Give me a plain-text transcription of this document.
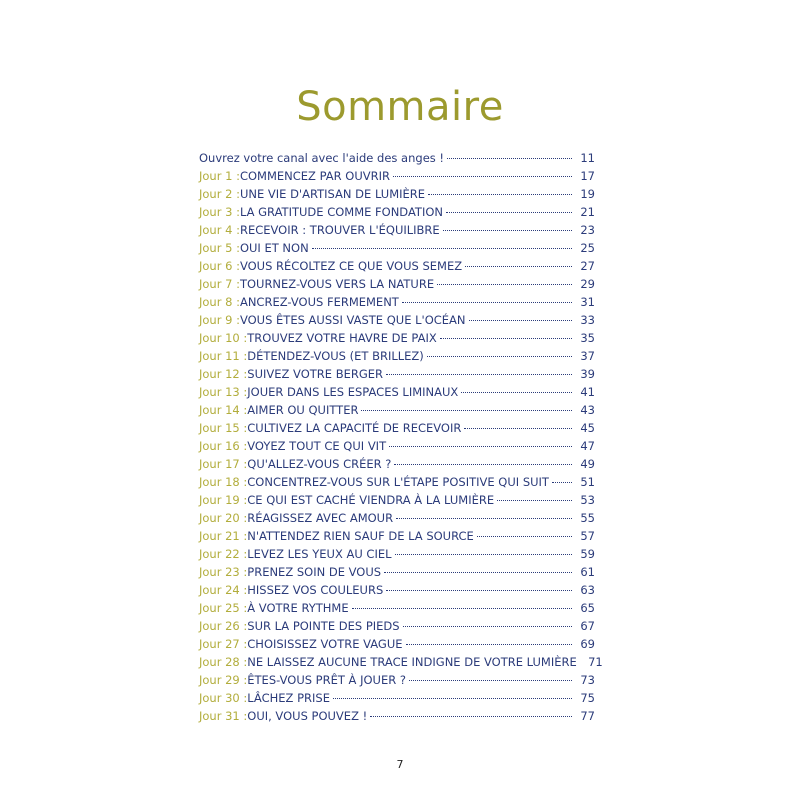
Sommaire
Ouvrez votre canal avec l'aide des anges !	11
Jour 1 : COMMENCEZ PAR OUVRIR	17
Jour 2 : UNE VIE D'ARTISAN DE LUMIÈRE	19
Jour 3 : LA GRATITUDE COMME FONDATION	21
Jour 4 : RECEVOIR : TROUVER L'ÉQUILIBRE	23
Jour 5 : OUI ET NON	25
Jour 6 : VOUS RÉCOLTEZ CE QUE VOUS SEMEZ	27
Jour 7 : TOURNEZ-VOUS VERS LA NATURE	29
Jour 8 : ANCREZ-VOUS FERMEMENT	31
Jour 9 : VOUS ÊTES AUSSI VASTE QUE L'OCÉAN	33
Jour 10 : TROUVEZ VOTRE HAVRE DE PAIX	35
Jour 11 : DÉTENDEZ-VOUS (ET BRILLEZ)	37
Jour 12 : SUIVEZ VOTRE BERGER	39
Jour 13 : JOUER DANS LES ESPACES LIMINAUX	41
Jour 14 : AIMER OU QUITTER	43
Jour 15 : CULTIVEZ LA CAPACITÉ DE RECEVOIR	45
Jour 16 : VOYEZ TOUT CE QUI VIT	47
Jour 17 : QU'ALLEZ-VOUS CRÉER ?	49
Jour 18 : CONCENTREZ-VOUS SUR L'ÉTAPE POSITIVE QUI SUIT	51
Jour 19 : CE QUI EST CACHÉ VIENDRA À LA LUMIÈRE	53
Jour 20 : RÉAGISSEZ AVEC AMOUR	55
Jour 21 : N'ATTENDEZ RIEN SAUF DE LA SOURCE	57
Jour 22 : LEVEZ LES YEUX AU CIEL	59
Jour 23 : PRENEZ SOIN DE VOUS	61
Jour 24 : HISSEZ VOS COULEURS	63
Jour 25 : À VOTRE RYTHME	65
Jour 26 : SUR LA POINTE DES PIEDS	67
Jour 27 : CHOISISSEZ VOTRE VAGUE	69
Jour 28 : NE LAISSEZ AUCUNE TRACE INDIGNE DE VOTRE LUMIÈRE 71
Jour 29 : ÊTES-VOUS PRÊT À JOUER ?	73
Jour 30 : LÂCHEZ PRISE	75
Jour 31 : OUI, VOUS POUVEZ !	77
7
